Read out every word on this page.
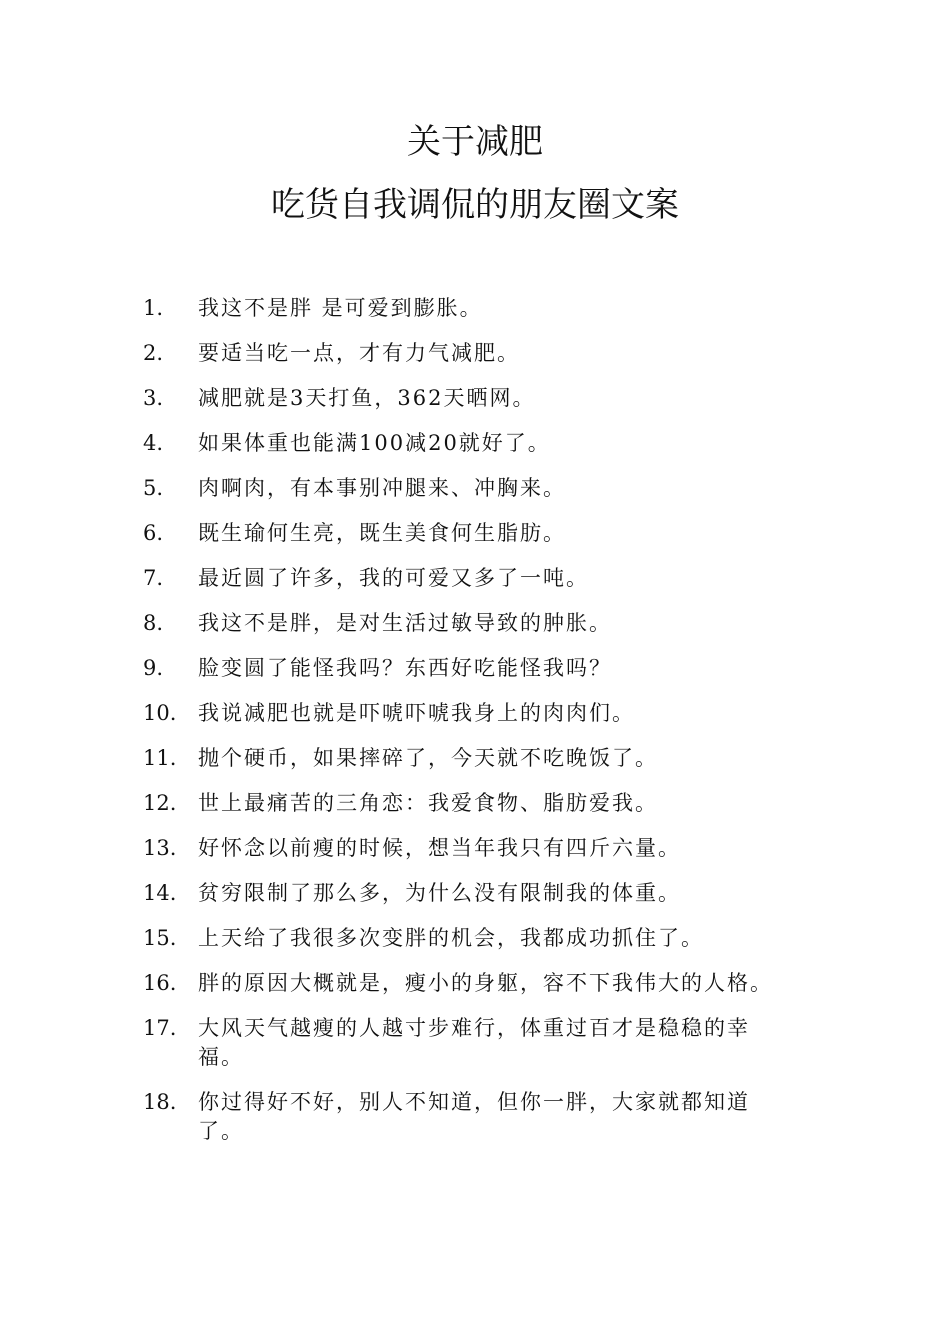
关于减肥
吃货自我调侃的朋友圈文案
1.	我这不是胖 是可爱到膨胀。
2.	要适当吃一点，才有力气减肥。
3.	减肥就是3天打鱼，362天晒网。
4.	如果体重也能满100减20就好了。
5.	肉啊肉，有本事别冲腿来、冲胸来。
6.	既生瑜何生亮，既生美食何生脂肪。
7.	最近圆了许多，我的可爱又多了一吨。
8.	我这不是胖，是对生活过敏导致的肿胀。
9.	脸变圆了能怪我吗？东西好吃能怪我吗？
10.	我说减肥也就是吓唬吓唬我身上的肉肉们。
11.	抛个硬币，如果摔碎了，今天就不吃晚饭了。
12.	世上最痛苦的三角恋：我爱食物、脂肪爱我。
13.	好怀念以前瘦的时候，想当年我只有四斤六量。
14.	贫穷限制了那么多，为什么没有限制我的体重。
15.	上天给了我很多次变胖的机会，我都成功抓住了。
16.	胖的原因大概就是，瘦小的身躯，容不下我伟大的人格。
17.	大风天气越瘦的人越寸步难行，体重过百才是稳稳的幸福。
18.	你过得好不好，别人不知道，但你一胖，大家就都知道了。
